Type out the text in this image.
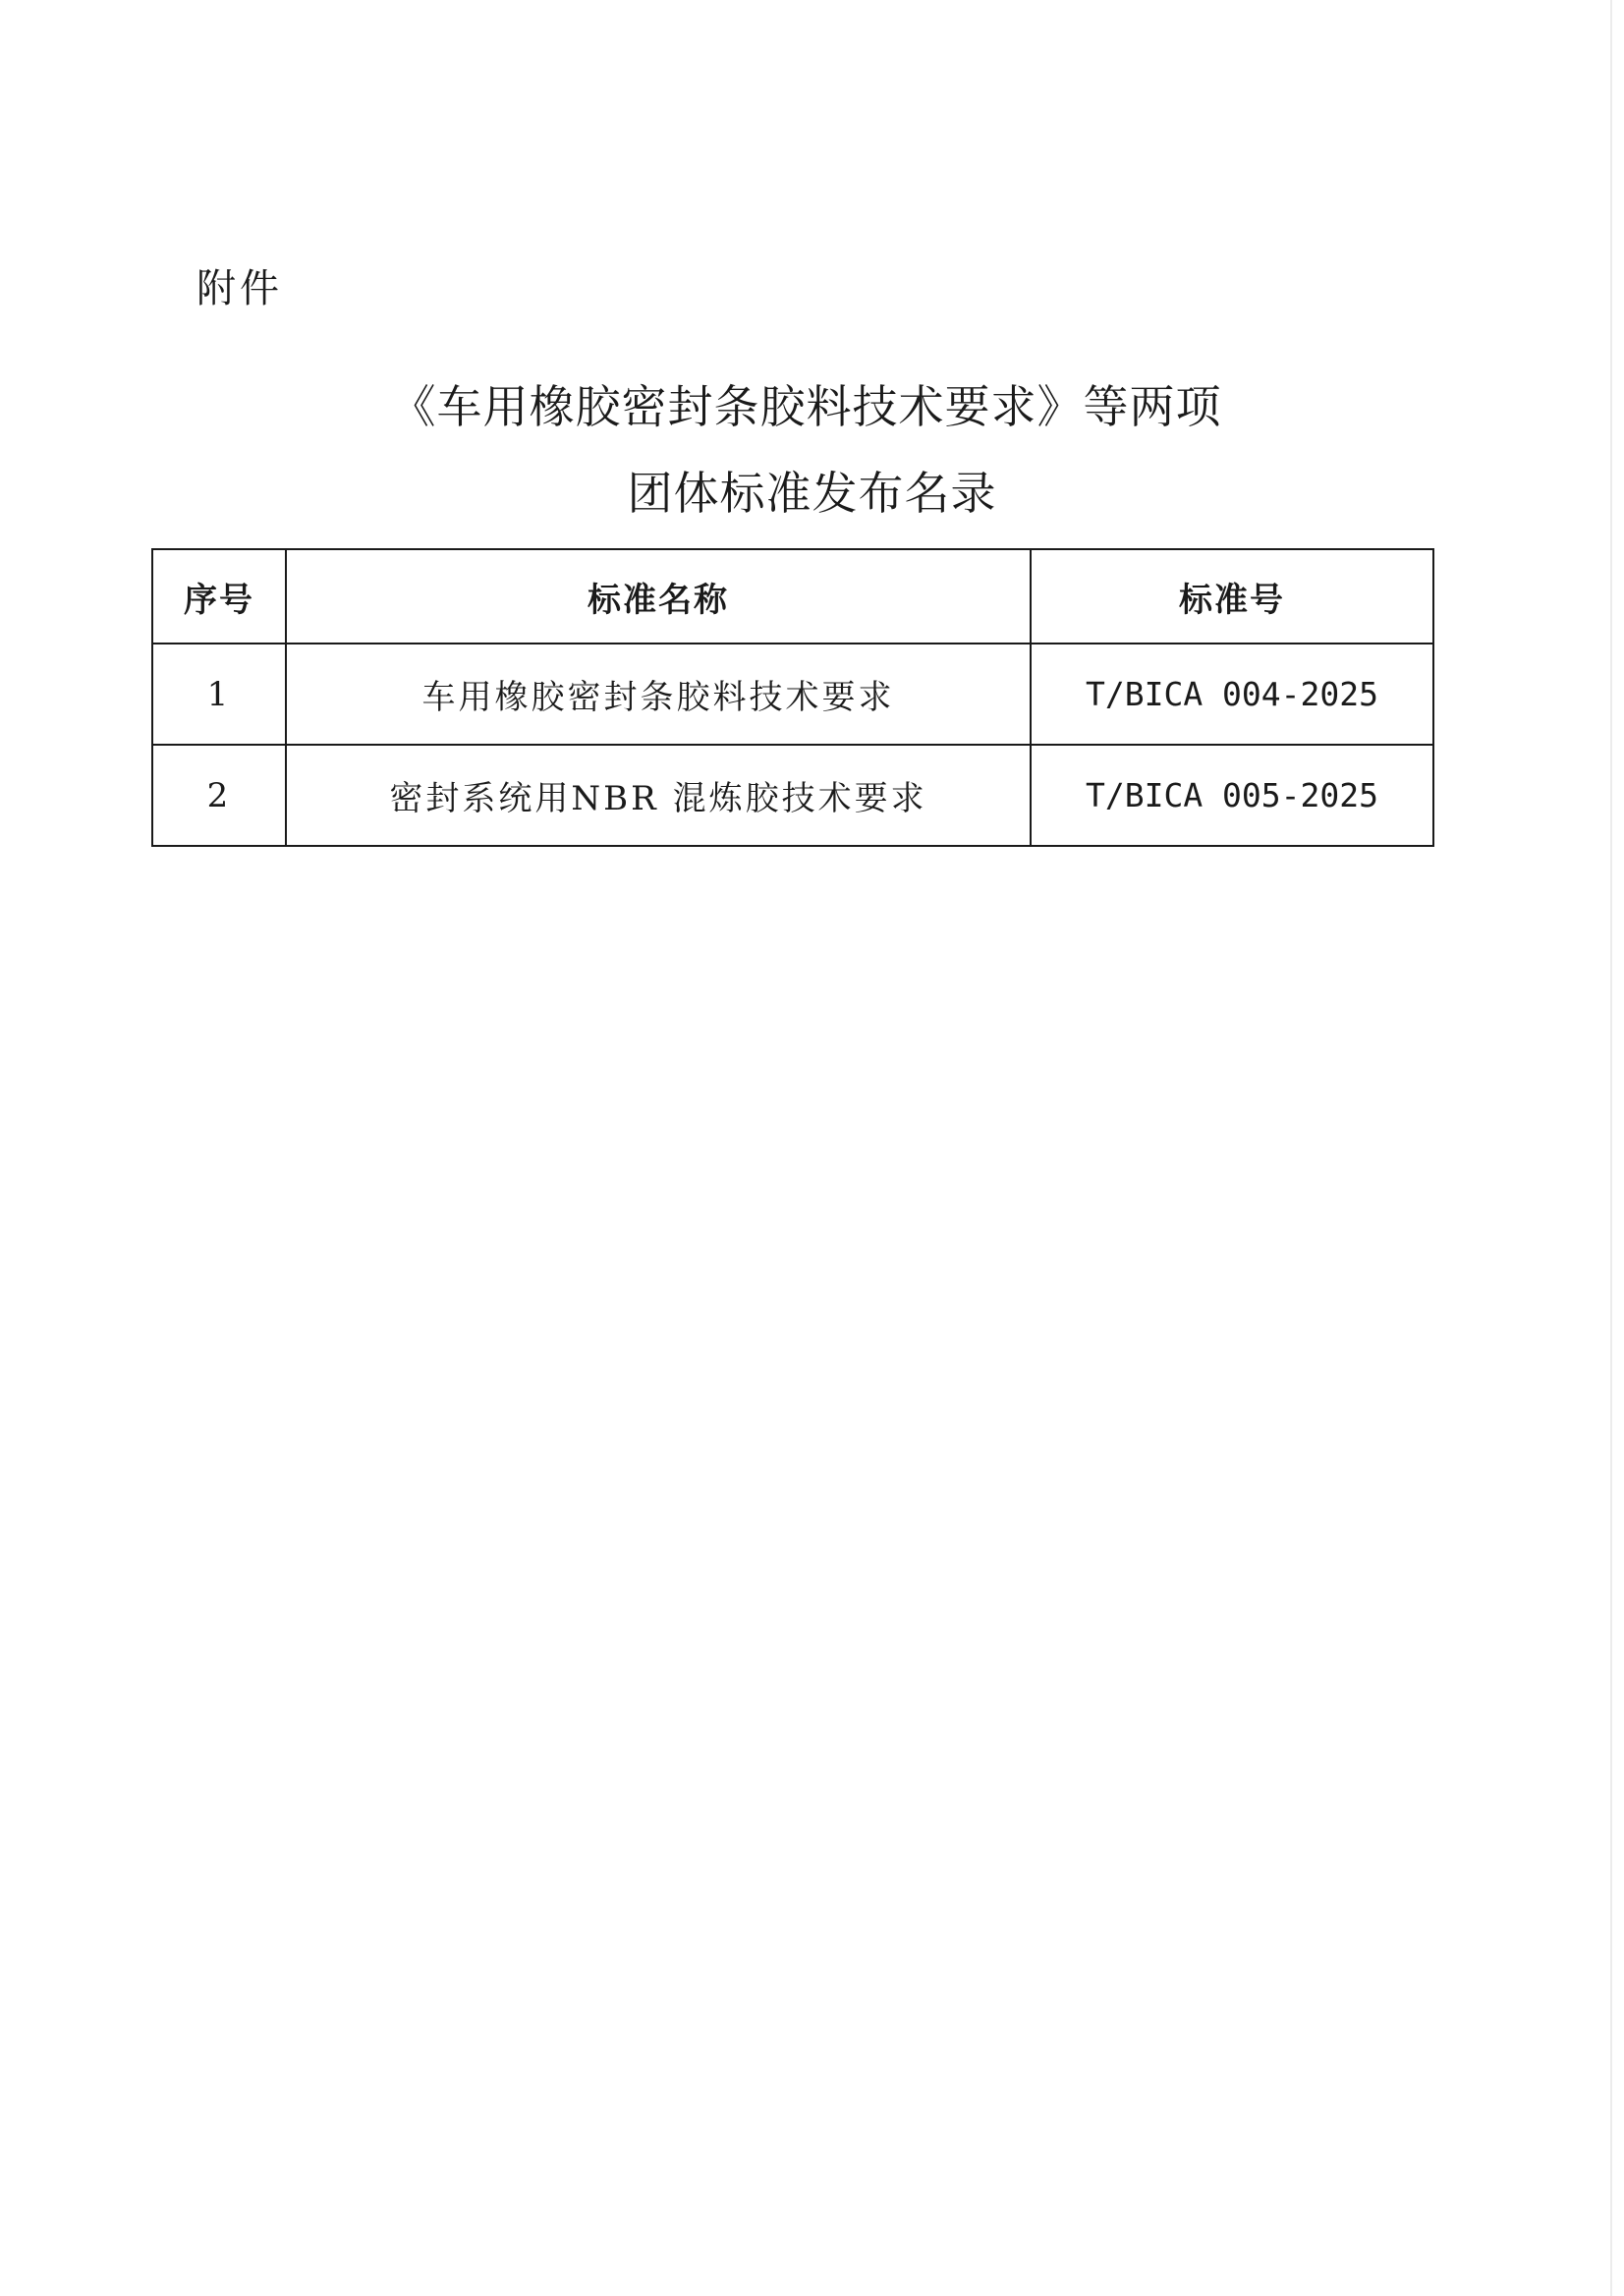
附件
《车用橡胶密封条胶料技术要求》等两项
团体标准发布名录
序号	标准名称	标准号
1	车用橡胶密封条胶料技术要求	T/BICA 004-2025
2	密封系统用NBR 混炼胶技术要求	T/BICA 005-2025
